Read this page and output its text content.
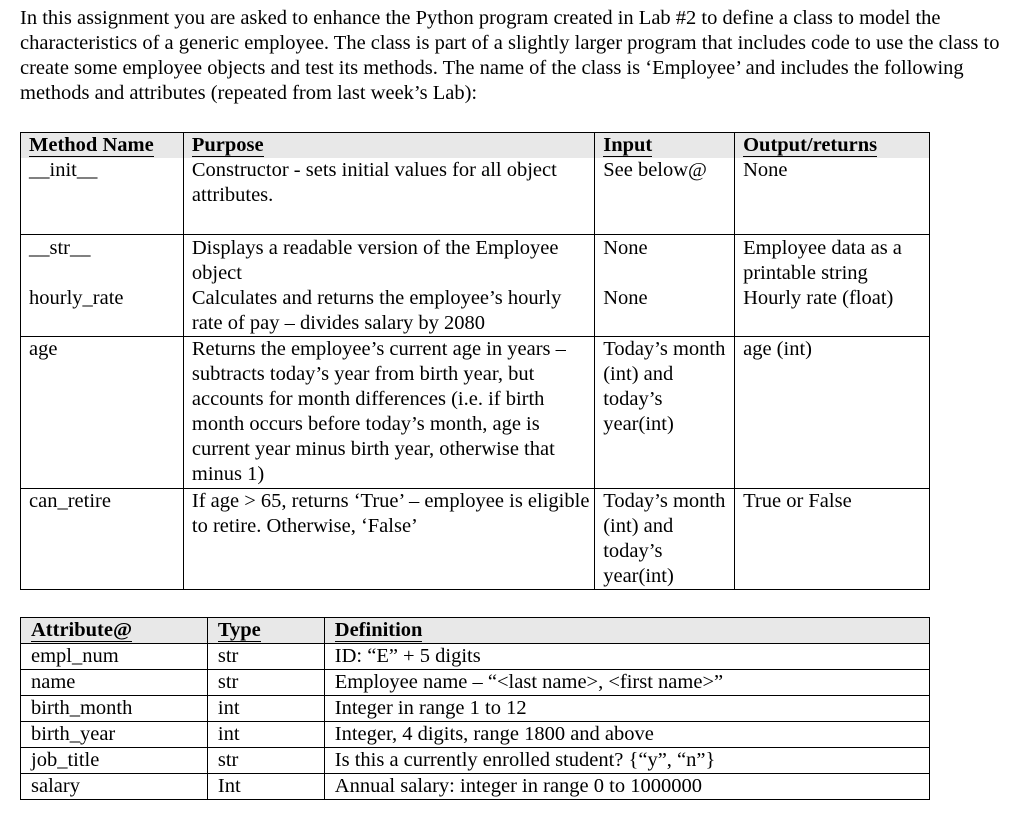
In this assignment you are asked to enhance the Python program created in Lab #2 to define a class to model the characteristics of a generic employee. The class is part of a slightly larger program that includes code to use the class to create some employee objects and test its methods. The name of the class is ‘Employee’ and includes the following methods and attributes (repeated from last week’s Lab):

Method Name	Purpose	Input	Output/returns
__init__	Constructor - sets initial values for all object attributes.	See below@	None
__str__	Displays a readable version of the Employee object	None	Employee data as a printable string
hourly_rate	Calculates and returns the employee’s hourly rate of pay – divides salary by 2080	None	Hourly rate (float)
age	Returns the employee’s current age in years – subtracts today’s year from birth year, but accounts for month differences (i.e. if birth month occurs before today’s month, age is current year minus birth year, otherwise that minus 1)	Today’s month (int) and today’s year(int)	age (int)
can_retire	If age > 65, returns ‘True’ – employee is eligible to retire. Otherwise, ‘False’	Today’s month (int) and today’s year(int)	True or False
Attribute@	Type	Definition
empl_num	str	ID: “E” + 5 digits
name	str	Employee name – “<last name>, <first name>”
birth_month	int	Integer in range 1 to 12
birth_year	int	Integer, 4 digits, range 1800 and above
job_title	str	Is this a currently enrolled student? {“y”, “n”}
salary	Int	Annual salary: integer in range 0 to 1000000
